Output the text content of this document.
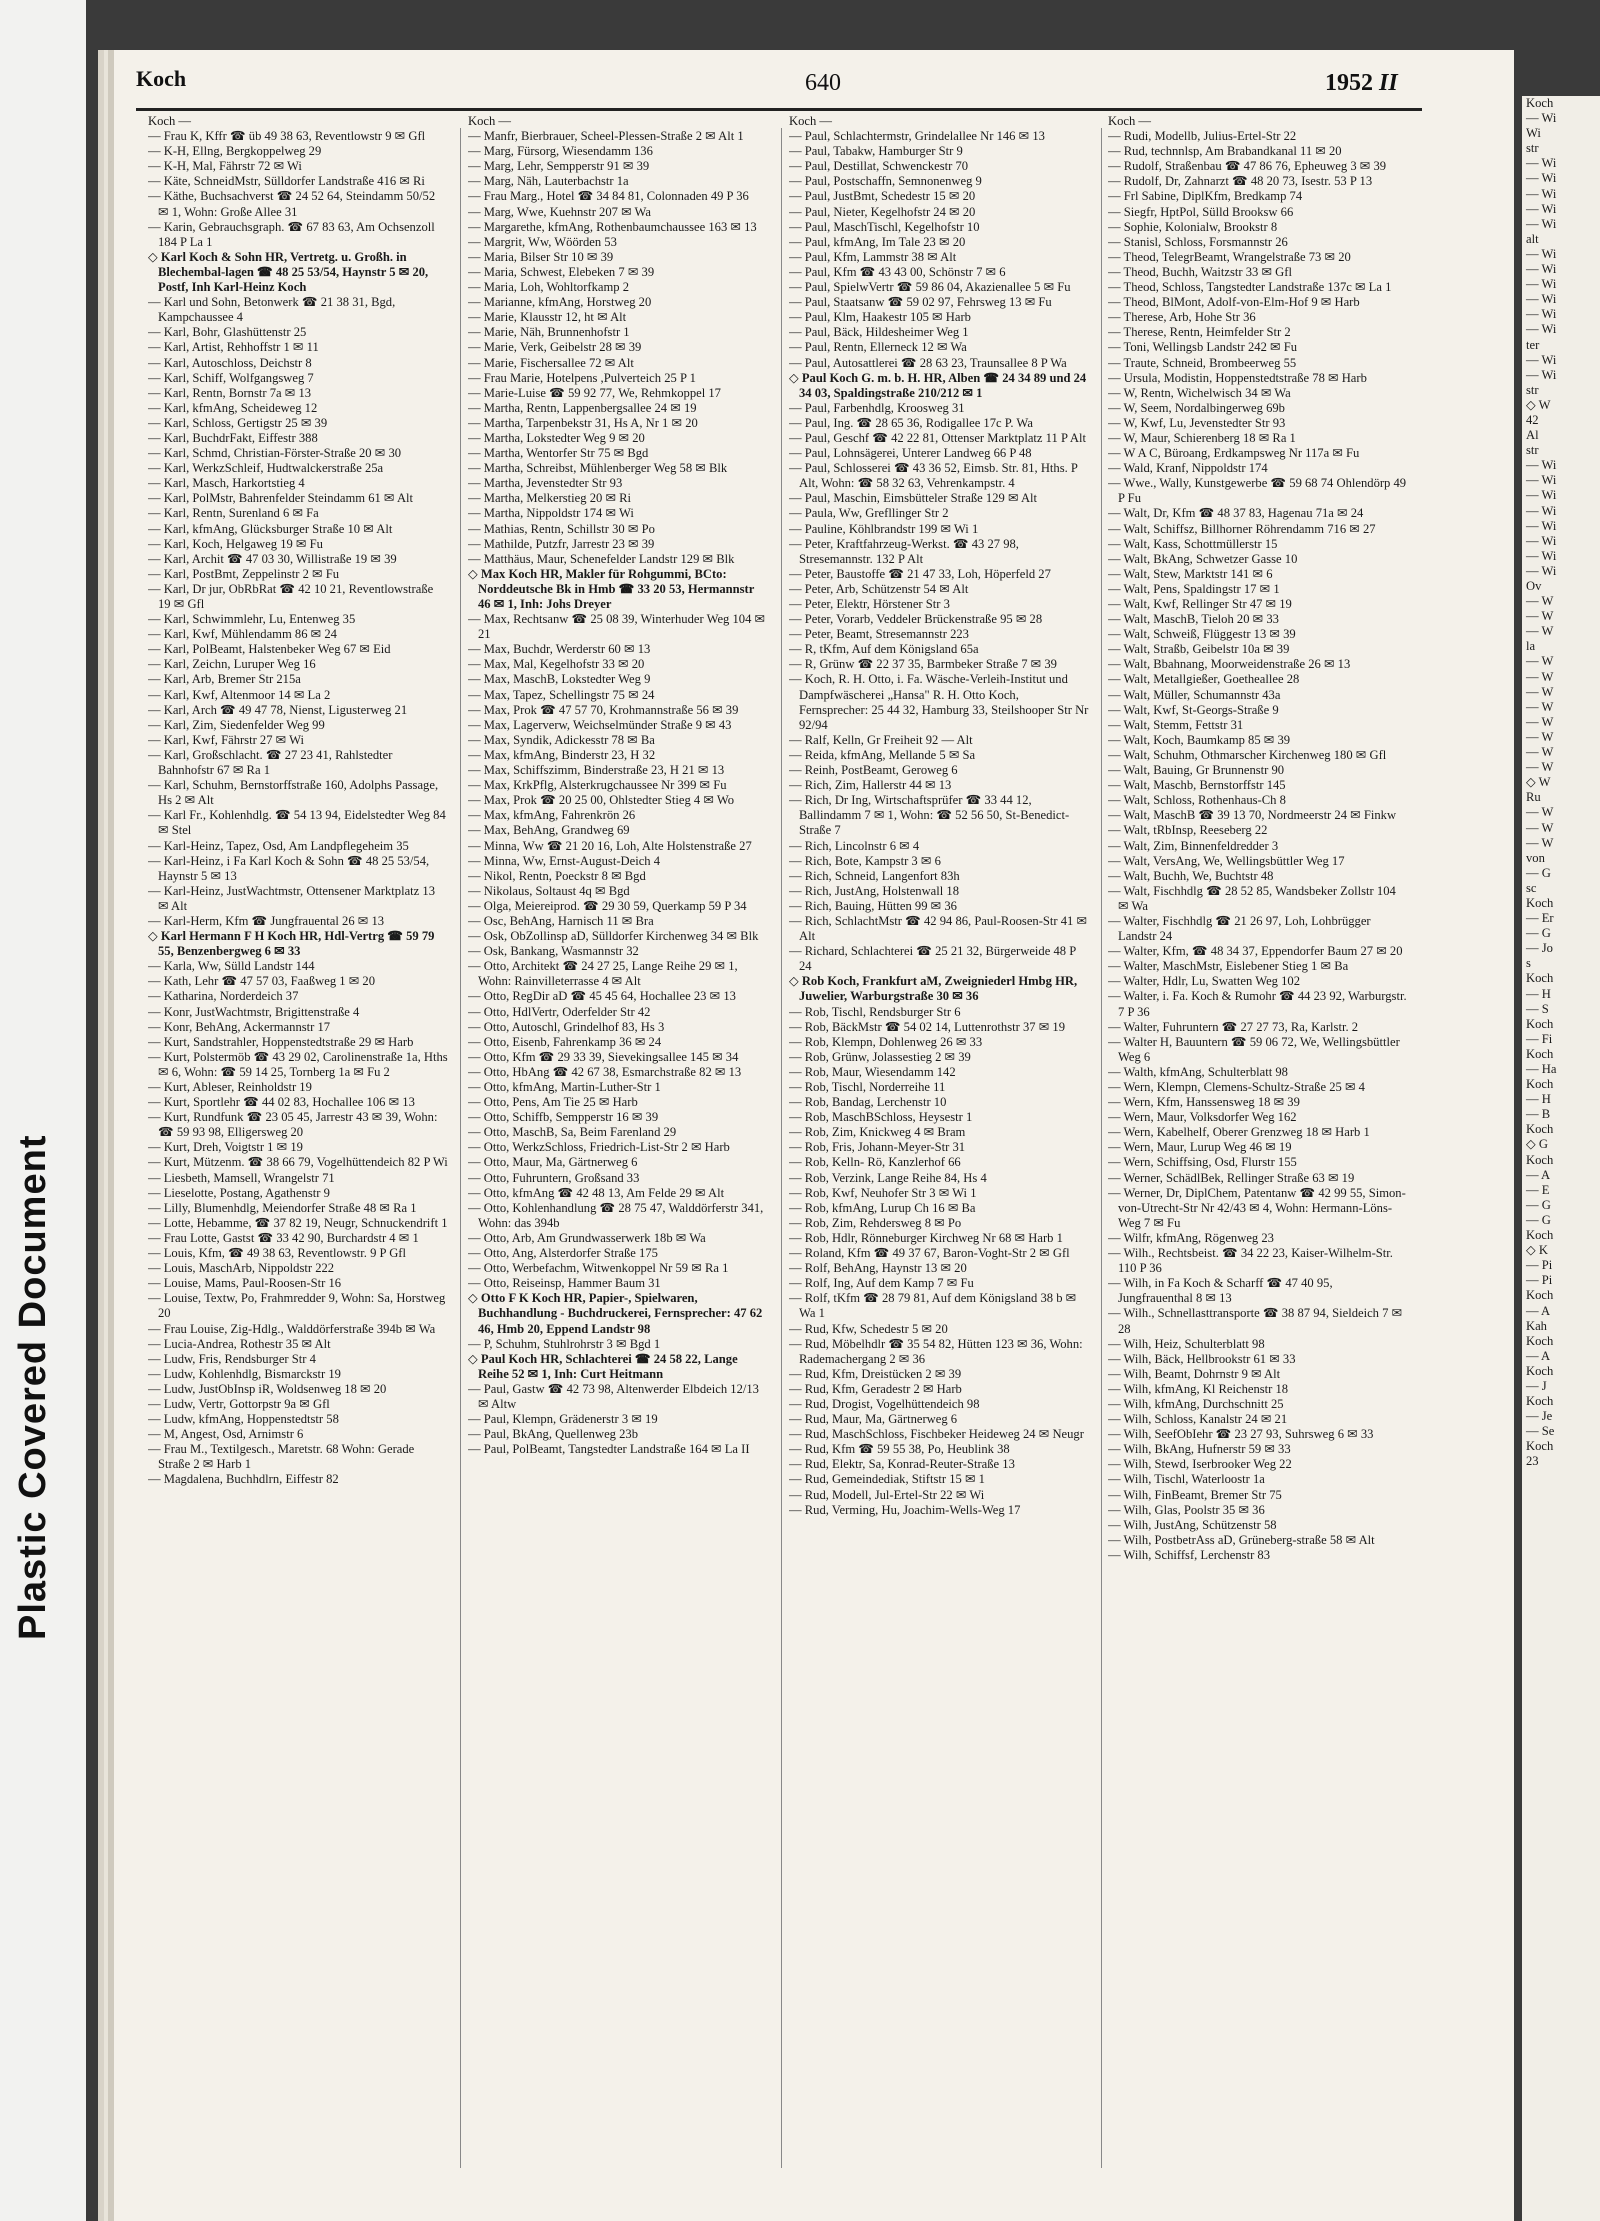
Plastic Covered Document
Koch
— Wi
Wi
str
— Wi
— Wi
— Wi
— Wi
— Wi
alt
— Wi
— Wi
— Wi
— Wi
— Wi
— Wi
ter
— Wi
— Wi
str
◇ W
42
Al
str
— Wi
— Wi
— Wi
— Wi
— Wi
— Wi
— Wi
— Wi
Ov
— W
— W
— W
la
— W
— W
— W
— W
— W
— W
— W
— W
◇ W
Ru
— W
— W
— W
von
— G
sc
Koch
— Er
— G
— Jo
s
Koch
— H
— S
Koch
— Fi
Koch
— Ha
Koch
— H
— B
Koch
◇ G
Koch
— A
— E
— G
— G
Koch
◇ K
— Pi
— Pi
Koch
— A
Kah
Koch
— A
Koch
— J
Koch
— Je
— Se
Koch
23
Koch	640	1952 II
Koch —
— Frau K, Kffr ☎ üb 49 38 63, Reventlowstr 9 ✉ Gfl
— K-H, Ellng, Bergkoppelweg 29
— K-H, Mal, Fährstr 72 ✉ Wi
— Käte, SchneidMstr, Sülldorfer Landstraße 416 ✉ Ri
— Käthe, Buchsachverst ☎ 24 52 64, Steindamm 50/52 ✉ 1, Wohn: Große Allee 31
— Karin, Gebrauchsgraph. ☎ 67 83 63, Am Ochsenzoll 184 P La 1
◇ Karl Koch & Sohn HR, Vertretg. u. Großh. in Blechembal-lagen ☎ 48 25 53/54, Haynstr 5 ✉ 20, Postf, Inh Karl-Heinz Koch
— Karl und Sohn, Betonwerk ☎ 21 38 31, Bgd, Kampchaussee 4
— Karl, Bohr, Glashüttenstr 25
— Karl, Artist, Rehhoffstr 1 ✉ 11
— Karl, Autoschloss, Deichstr 8
— Karl, Schiff, Wolfgangsweg 7
— Karl, Rentn, Bornstr 7a ✉ 13
— Karl, kfmAng, Scheideweg 12
— Karl, Schloss, Gertigstr 25 ✉ 39
— Karl, BuchdrFakt, Eiffestr 388
— Karl, Schmd, Christian-Förster-Straße 20 ✉ 30
— Karl, WerkzSchleif, Hudtwalckerstraße 25a
— Karl, Masch, Harkortstieg 4
— Karl, PolMstr, Bahrenfelder Steindamm 61 ✉ Alt
— Karl, Rentn, Surenland 6 ✉ Fa
— Karl, kfmAng, Glücksburger Straße 10 ✉ Alt
— Karl, Koch, Helgaweg 19 ✉ Fu
— Karl, Archit ☎ 47 03 30, Willistraße 19 ✉ 39
— Karl, PostBmt, Zeppelinstr 2 ✉ Fu
— Karl, Dr jur, ObRbRat ☎ 42 10 21, Reventlowstraße 19 ✉ Gfl
— Karl, Schwimmlehr, Lu, Entenweg 35
— Karl, Kwf, Mühlendamm 86 ✉ 24
— Karl, PolBeamt, Halstenbeker Weg 67 ✉ Eid
— Karl, Zeichn, Luruper Weg 16
— Karl, Arb, Bremer Str 215a
— Karl, Kwf, Altenmoor 14 ✉ La 2
— Karl, Arch ☎ 49 47 78, Nienst, Ligusterweg 21
— Karl, Zim, Siedenfelder Weg 99
— Karl, Kwf, Fährstr 27 ✉ Wi
— Karl, Großschlacht. ☎ 27 23 41, Rahlstedter Bahnhofstr 67 ✉ Ra 1
— Karl, Schuhm, Bernstorffstraße 160, Adolphs Passage, Hs 2 ✉ Alt
— Karl Fr., Kohlenhdlg. ☎ 54 13 94, Eidelstedter Weg 84 ✉ Stel
— Karl-Heinz, Tapez, Osd, Am Landpflegeheim 35
— Karl-Heinz, i Fa Karl Koch & Sohn ☎ 48 25 53/54, Haynstr 5 ✉ 13
— Karl-Heinz, JustWachtmstr, Ottensener Marktplatz 13 ✉ Alt
— Karl-Herm, Kfm ☎ Jungfrauental 26 ✉ 13
◇ Karl Hermann F H Koch HR, Hdl-Vertrg ☎ 59 79 55, Benzenbergweg 6 ✉ 33
— Karla, Ww, Sülld Landstr 144
— Kath, Lehr ☎ 47 57 03, Faaßweg 1 ✉ 20
— Katharina, Norderdeich 37
— Konr, JustWachtmstr, Brigittenstraße 4
— Konr, BehAng, Ackermannstr 17
— Kurt, Sandstrahler, Hoppenstedtstraße 29 ✉ Harb
— Kurt, Polstermöb ☎ 43 29 02, Carolinenstraße 1a, Hths ✉ 6, Wohn: ☎ 59 14 25, Tornberg 1a ✉ Fu 2
— Kurt, Ableser, Reinholdstr 19
— Kurt, Sportlehr ☎ 44 02 83, Hochallee 106 ✉ 13
— Kurt, Rundfunk ☎ 23 05 45, Jarrestr 43 ✉ 39, Wohn: ☎ 59 93 98, Elligersweg 20
— Kurt, Dreh, Voigtstr 1 ✉ 19
— Kurt, Mützenm. ☎ 38 66 79, Vogelhüttendeich 82 P Wi
— Liesbeth, Mamsell, Wrangelstr 71
— Lieselotte, Postang, Agathenstr 9
— Lilly, Blumenhdlg, Meiendorfer Straße 48 ✉ Ra 1
— Lotte, Hebamme, ☎ 37 82 19, Neugr, Schnuckendrift 1
— Frau Lotte, Gastst ☎ 33 42 90, Burchardstr 4 ✉ 1
— Louis, Kfm, ☎ 49 38 63, Reventlowstr. 9 P Gfl
— Louis, MaschArb, Nippoldstr 222
— Louise, Mams, Paul-Roosen-Str 16
— Louise, Textw, Po, Frahmredder 9, Wohn: Sa, Horstweg 20
— Frau Louise, Zig-Hdlg., Walddörferstraße 394b ✉ Wa
— Lucia-Andrea, Rothestr 35 ✉ Alt
— Ludw, Fris, Rendsburger Str 4
— Ludw, Kohlenhdlg, Bismarckstr 19
— Ludw, JustObInsp iR, Woldsenweg 18 ✉ 20
— Ludw, Vertr, Gottorpstr 9a ✉ Gfl
— Ludw, kfmAng, Hoppenstedtstr 58
— M, Angest, Osd, Arnimstr 6
— Frau M., Textilgesch., Maretstr. 68 Wohn: Gerade Straße 2 ✉ Harb 1
— Magdalena, Buchhdlrn, Eiffestr 82
Koch —
— Manfr, Bierbrauer, Scheel-Plessen-Straße 2 ✉ Alt 1
— Marg, Fürsorg, Wiesendamm 136
— Marg, Lehr, Sempperstr 91 ✉ 39
— Marg, Näh, Lauterbachstr 1a
— Frau Marg., Hotel ☎ 34 84 81, Colonnaden 49 P 36
— Marg, Wwe, Kuehnstr 207 ✉ Wa
— Margarethe, kfmAng, Rothenbaumchaussee 163 ✉ 13
— Margrit, Ww, Wöörden 53
— Maria, Bilser Str 10 ✉ 39
— Maria, Schwest, Elebeken 7 ✉ 39
— Maria, Loh, Wohltorfkamp 2
— Marianne, kfmAng, Horstweg 20
— Marie, Klausstr 12, ht ✉ Alt
— Marie, Näh, Brunnenhofstr 1
— Marie, Verk, Geibelstr 28 ✉ 39
— Marie, Fischersallee 72 ✉ Alt
— Frau Marie, Hotelpens ,Pulverteich 25 P 1
— Marie-Luise ☎ 59 92 77, We, Rehmkoppel 17
— Martha, Rentn, Lappenbergsallee 24 ✉ 19
— Martha, Tarpenbekstr 31, Hs A, Nr 1 ✉ 20
— Martha, Lokstedter Weg 9 ✉ 20
— Martha, Wentorfer Str 75 ✉ Bgd
— Martha, Schreibst, Mühlenberger Weg 58 ✉ Blk
— Martha, Jevenstedter Str 93
— Martha, Melkerstieg 20 ✉ Ri
— Martha, Nippoldstr 174 ✉ Wi
— Mathias, Rentn, Schillstr 30 ✉ Po
— Mathilde, Putzfr, Jarrestr 23 ✉ 39
— Matthäus, Maur, Schenefelder Landstr 129 ✉ Blk
◇ Max Koch HR, Makler für Rohgummi, BCto: Norddeutsche Bk in Hmb ☎ 33 20 53, Hermannstr 46 ✉ 1, Inh: Johs Dreyer
— Max, Rechtsanw ☎ 25 08 39, Winterhuder Weg 104 ✉ 21
— Max, Buchdr, Werderstr 60 ✉ 13
— Max, Mal, Kegelhofstr 33 ✉ 20
— Max, MaschB, Lokstedter Weg 9
— Max, Tapez, Schellingstr 75 ✉ 24
— Max, Prok ☎ 47 57 70, Krohmannstraße 56 ✉ 39
— Max, Lagerverw, Weichselmünder Straße 9 ✉ 43
— Max, Syndik, Adickesstr 78 ✉ Ba
— Max, kfmAng, Binderstr 23, H 32
— Max, Schiffszimm, Binderstraße 23, H 21 ✉ 13
— Max, KrkPflg, Alsterkrugchaussee Nr 399 ✉ Fu
— Max, Prok ☎ 20 25 00, Ohlstedter Stieg 4 ✉ Wo
— Max, kfmAng, Fahrenkrön 26
— Max, BehAng, Grandweg 69
— Minna, Ww ☎ 21 20 16, Loh, Alte Holstenstraße 27
— Minna, Ww, Ernst-August-Deich 4
— Nikol, Rentn, Poeckstr 8 ✉ Bgd
— Nikolaus, Soltaust 4q ✉ Bgd
— Olga, Meiereiprod. ☎ 29 30 59, Querkamp 59 P 34
— Osc, BehAng, Harnisch 11 ✉ Bra
— Osk, ObZollinsp aD, Sülldorfer Kirchenweg 34 ✉ Blk
— Osk, Bankang, Wasmannstr 32
— Otto, Architekt ☎ 24 27 25, Lange Reihe 29 ✉ 1, Wohn: Rainvilleterrasse 4 ✉ Alt
— Otto, RegDir aD ☎ 45 45 64, Hochallee 23 ✉ 13
— Otto, HdlVertr, Oderfelder Str 42
— Otto, Autoschl, Grindelhof 83, Hs 3
— Otto, Eisenb, Fahrenkamp 36 ✉ 24
— Otto, Kfm ☎ 29 33 39, Sievekingsallee 145 ✉ 34
— Otto, HbAng ☎ 42 67 38, Esmarchstraße 82 ✉ 13
— Otto, kfmAng, Martin-Luther-Str 1
— Otto, Pens, Am Tie 25 ✉ Harb
— Otto, Schiffb, Sempperstr 16 ✉ 39
— Otto, MaschB, Sa, Beim Farenland 29
— Otto, WerkzSchloss, Friedrich-List-Str 2 ✉ Harb
— Otto, Maur, Ma, Gärtnerweg 6
— Otto, Fuhruntern, Großsand 33
— Otto, kfmAng ☎ 42 48 13, Am Felde 29 ✉ Alt
— Otto, Kohlenhandlung ☎ 28 75 47, Walddörferstr 341, Wohn: das 394b
— Otto, Arb, Am Grundwasserwerk 18b ✉ Wa
— Otto, Ang, Alsterdorfer Straße 175
— Otto, Werbefachm, Witwenkoppel Nr 59 ✉ Ra 1
— Otto, Reiseinsp, Hammer Baum 31
◇ Otto F K Koch HR, Papier-, Spielwaren, Buchhandlung - Buchdruckerei, Fernsprecher: 47 62 46, Hmb 20, Eppend Landstr 98
— P, Schuhm, Stuhlrohrstr 3 ✉ Bgd 1
◇ Paul Koch HR, Schlachterei ☎ 24 58 22, Lange Reihe 52 ✉ 1, Inh: Curt Heitmann
— Paul, Gastw ☎ 42 73 98, Altenwerder Elbdeich 12/13 ✉ Altw
— Paul, Klempn, Grädenerstr 3 ✉ 19
— Paul, BkAng, Quellenweg 23b
— Paul, PolBeamt, Tangstedter Landstraße 164 ✉ La II
Koch —
— Paul, Schlachtermstr, Grindelallee Nr 146 ✉ 13
— Paul, Tabakw, Hamburger Str 9
— Paul, Destillat, Schwenckestr 70
— Paul, Postschaffn, Semnonenweg 9
— Paul, JustBmt, Schedestr 15 ✉ 20
— Paul, Nieter, Kegelhofstr 24 ✉ 20
— Paul, MaschTischl, Kegelhofstr 10
— Paul, kfmAng, Im Tale 23 ✉ 20
— Paul, Kfm, Lammstr 38 ✉ Alt
— Paul, Kfm ☎ 43 43 00, Schönstr 7 ✉ 6
— Paul, SpielwVertr ☎ 59 86 04, Akazienallee 5 ✉ Fu
— Paul, Staatsanw ☎ 59 02 97, Fehrsweg 13 ✉ Fu
— Paul, Klm, Haakestr 105 ✉ Harb
— Paul, Bäck, Hildesheimer Weg 1
— Paul, Rentn, Ellerneck 12 ✉ Wa
— Paul, Autosattlerei ☎ 28 63 23, Traunsallee 8 P Wa
◇ Paul Koch G. m. b. H. HR, Alben ☎ 24 34 89 und 24 34 03, Spaldingstraße 210/212 ✉ 1
— Paul, Farbenhdlg, Kroosweg 31
— Paul, Ing. ☎ 28 65 36, Rodigallee 17c P. Wa
— Paul, Geschf ☎ 42 22 81, Ottenser Marktplatz 11 P Alt
— Paul, Lohnsägerei, Unterer Landweg 66 P 48
— Paul, Schlosserei ☎ 43 36 52, Eimsb. Str. 81, Hths. P Alt, Wohn: ☎ 58 32 63, Vehrenkampstr. 4
— Paul, Maschin, Eimsbütteler Straße 129 ✉ Alt
— Paula, Ww, Grefllinger Str 2
— Pauline, Köhlbrandstr 199 ✉ Wi 1
— Peter, Kraftfahrzeug-Werkst. ☎ 43 27 98, Stresemannstr. 132 P Alt
— Peter, Baustoffe ☎ 21 47 33, Loh, Höperfeld 27
— Peter, Arb, Schützenstr 54 ✉ Alt
— Peter, Elektr, Hörstener Str 3
— Peter, Vorarb, Veddeler Brückenstraße 95 ✉ 28
— Peter, Beamt, Stresemannstr 223
— R, tKfm, Auf dem Königsland 65a
— R, Grünw ☎ 22 37 35, Barmbeker Straße 7 ✉ 39
— Koch, R. H. Otto, i. Fa. Wäsche-Verleih-Institut und Dampfwäscherei „Hansa" R. H. Otto Koch, Fernsprecher: 25 44 32, Hamburg 33, Steilshooper Str Nr 92/94
— Ralf, Kelln, Gr Freiheit 92 — Alt
— Reida, kfmAng, Mellande 5 ✉ Sa
— Reinh, PostBeamt, Geroweg 6
— Rich, Zim, Hallerstr 44 ✉ 13
— Rich, Dr Ing, Wirtschaftsprüfer ☎ 33 44 12, Ballindamm 7 ✉ 1, Wohn: ☎ 52 56 50, St-Benedict-Straße 7
— Rich, Lincolnstr 6 ✉ 4
— Rich, Bote, Kampstr 3 ✉ 6
— Rich, Schneid, Langenfort 83h
— Rich, JustAng, Holstenwall 18
— Rich, Bauing, Hütten 99 ✉ 36
— Rich, SchlachtMstr ☎ 42 94 86, Paul-Roosen-Str 41 ✉ Alt
— Richard, Schlachterei ☎ 25 21 32, Bürgerweide 48 P 24
◇ Rob Koch, Frankfurt aM, Zweigniederl Hmbg HR, Juwelier, Warburgstraße 30 ✉ 36
— Rob, Tischl, Rendsburger Str 6
— Rob, BäckMstr ☎ 54 02 14, Luttenrothstr 37 ✉ 19
— Rob, Klempn, Dohlenweg 26 ✉ 33
— Rob, Grünw, Jolassestieg 2 ✉ 39
— Rob, Maur, Wiesendamm 142
— Rob, Tischl, Norderreihe 11
— Rob, Bandag, Lerchenstr 10
— Rob, MaschBSchloss, Heysestr 1
— Rob, Zim, Knickweg 4 ✉ Bram
— Rob, Fris, Johann-Meyer-Str 31
— Rob, Kelln- Rö, Kanzlerhof 66
— Rob, Verzink, Lange Reihe 84, Hs 4
— Rob, Kwf, Neuhofer Str 3 ✉ Wi 1
— Rob, kfmAng, Lurup Ch 16 ✉ Ba
— Rob, Zim, Rehdersweg 8 ✉ Po
— Rob, Hdlr, Rönneburger Kirchweg Nr 68 ✉ Harb 1
— Roland, Kfm ☎ 49 37 67, Baron-Voght-Str 2 ✉ Gfl
— Rolf, BehAng, Haynstr 13 ✉ 20
— Rolf, Ing, Auf dem Kamp 7 ✉ Fu
— Rolf, tKfm ☎ 28 79 81, Auf dem Königsland 38 b ✉ Wa 1
— Rud, Kfw, Schedestr 5 ✉ 20
— Rud, Möbelhdlr ☎ 35 54 82, Hütten 123 ✉ 36, Wohn: Rademachergang 2 ✉ 36
— Rud, Kfm, Dreistücken 2 ✉ 39
— Rud, Kfm, Geradestr 2 ✉ Harb
— Rud, Drogist, Vogelhüttendeich 98
— Rud, Maur, Ma, Gärtnerweg 6
— Rud, MaschSchloss, Fischbeker Heideweg 24 ✉ Neugr
— Rud, Kfm ☎ 59 55 38, Po, Heublink 38
— Rud, Elektr, Sa, Konrad-Reuter-Straße 13
— Rud, Gemeindediak, Stiftstr 15 ✉ 1
— Rud, Modell, Jul-Ertel-Str 22 ✉ Wi
— Rud, Verming, Hu, Joachim-Wells-Weg 17
Koch —
— Rudi, Modellb, Julius-Ertel-Str 22
— Rud, technnlsp, Am Brabandkanal 11 ✉ 20
— Rudolf, Straßenbau ☎ 47 86 76, Epheuweg 3 ✉ 39
— Rudolf, Dr, Zahnarzt ☎ 48 20 73, Isestr. 53 P 13
— Frl Sabine, DiplKfm, Bredkamp 74
— Siegfr, HptPol, Sülld Brooksw 66
— Sophie, Kolonialw, Brookstr 8
— Stanisl, Schloss, Forsmannstr 26
— Theod, TelegrBeamt, Wrangelstraße 73 ✉ 20
— Theod, Buchh, Waitzstr 33 ✉ Gfl
— Theod, Schloss, Tangstedter Landstraße 137c ✉ La 1
— Theod, BlMont, Adolf-von-Elm-Hof 9 ✉ Harb
— Therese, Arb, Hohe Str 36
— Therese, Rentn, Heimfelder Str 2
— Toni, Wellingsb Landstr 242 ✉ Fu
— Traute, Schneid, Brombeerweg 55
— Ursula, Modistin, Hoppenstedtstraße 78 ✉ Harb
— W, Rentn, Wichelwisch 34 ✉ Wa
— W, Seem, Nordalbingerweg 69b
— W, Kwf, Lu, Jevenstedter Str 93
— W, Maur, Schierenberg 18 ✉ Ra 1
— W A C, Büroang, Erdkampsweg Nr 117a ✉ Fu
— Wald, Kranf, Nippoldstr 174
— Wwe., Wally, Kunstgewerbe ☎ 59 68 74 Ohlendörp 49 P Fu
— Walt, Dr, Kfm ☎ 48 37 83, Hagenau 71a ✉ 24
— Walt, Schiffsz, Billhorner Röhrendamm 716 ✉ 27
— Walt, Kass, Schottmüllerstr 15
— Walt, BkAng, Schwetzer Gasse 10
— Walt, Stew, Marktstr 141 ✉ 6
— Walt, Pens, Spaldingstr 17 ✉ 1
— Walt, Kwf, Rellinger Str 47 ✉ 19
— Walt, MaschB, Tieloh 20 ✉ 33
— Walt, Schweiß, Flüggestr 13 ✉ 39
— Walt, Straßb, Geibelstr 10a ✉ 39
— Walt, Bbahnang, Moorweidenstraße 26 ✉ 13
— Walt, Metallgießer, Goetheallee 28
— Walt, Müller, Schumannstr 43a
— Walt, Kwf, St-Georgs-Straße 9
— Walt, Stemm, Fettstr 31
— Walt, Koch, Baumkamp 85 ✉ 39
— Walt, Schuhm, Othmarscher Kirchenweg 180 ✉ Gfl
— Walt, Bauing, Gr Brunnenstr 90
— Walt, Maschb, Bernstorffstr 145
— Walt, Schloss, Rothenhaus-Ch 8
— Walt, MaschB ☎ 39 13 70, Nordmeerstr 24 ✉ Finkw
— Walt, tRbInsp, Reeseberg 22
— Walt, Zim, Binnenfeldredder 3
— Walt, VersAng, We, Wellingsbüttler Weg 17
— Walt, Buchh, We, Buchtstr 48
— Walt, Fischhdlg ☎ 28 52 85, Wandsbeker Zollstr 104 ✉ Wa
— Walter, Fischhdlg ☎ 21 26 97, Loh, Lohbrügger Landstr 24
— Walter, Kfm, ☎ 48 34 37, Eppendorfer Baum 27 ✉ 20
— Walter, MaschMstr, Eislebener Stieg 1 ✉ Ba
— Walter, Hdlr, Lu, Swatten Weg 102
— Walter, i. Fa. Koch & Rumohr ☎ 44 23 92, Warburgstr. 7 P 36
— Walter, Fuhruntern ☎ 27 27 73, Ra, Karlstr. 2
— Walter H, Bauuntern ☎ 59 06 72, We, Wellingsbüttler Weg 6
— Walth, kfmAng, Schulterblatt 98
— Wern, Klempn, Clemens-Schultz-Straße 25 ✉ 4
— Wern, Kfm, Hanssensweg 18 ✉ 39
— Wern, Maur, Volksdorfer Weg 162
— Wern, Kabelhelf, Oberer Grenzweg 18 ✉ Harb 1
— Wern, Maur, Lurup Weg 46 ✉ 19
— Wern, Schiffsing, Osd, Flurstr 155
— Werner, SchädlBek, Rellinger Straße 63 ✉ 19
— Werner, Dr, DiplChem, Patentanw ☎ 42 99 55, Simon-von-Utrecht-Str Nr 42/43 ✉ 4, Wohn: Hermann-Löns-Weg 7 ✉ Fu
— Wilfr, kfmAng, Rögenweg 23
— Wilh., Rechtsbeist. ☎ 34 22 23, Kaiser-Wilhelm-Str. 110 P 36
— Wilh, in Fa Koch & Scharff ☎ 47 40 95, Jungfrauenthal 8 ✉ 13
— Wilh., Schnellasttransporte ☎ 38 87 94, Sieldeich 7 ✉ 28
— Wilh, Heiz, Schulterblatt 98
— Wilh, Bäck, Hellbrookstr 61 ✉ 33
— Wilh, Beamt, Dohrnstr 9 ✉ Alt
— Wilh, kfmAng, Kl Reichenstr 18
— Wilh, kfmAng, Durchschnitt 25
— Wilh, Schloss, Kanalstr 24 ✉ 21
— Wilh, SeefObIehr ☎ 23 27 93, Suhrsweg 6 ✉ 33
— Wilh, BkAng, Hufnerstr 59 ✉ 33
— Wilh, Stewd, Iserbrooker Weg 22
— Wilh, Tischl, Waterloostr 1a
— Wilh, FinBeamt, Bremer Str 75
— Wilh, Glas, Poolstr 35 ✉ 36
— Wilh, JustAng, Schützenstr 58
— Wilh, PostbetrAss aD, Grüneberg-straße 58 ✉ Alt
— Wilh, Schiffsf, Lerchenstr 83
